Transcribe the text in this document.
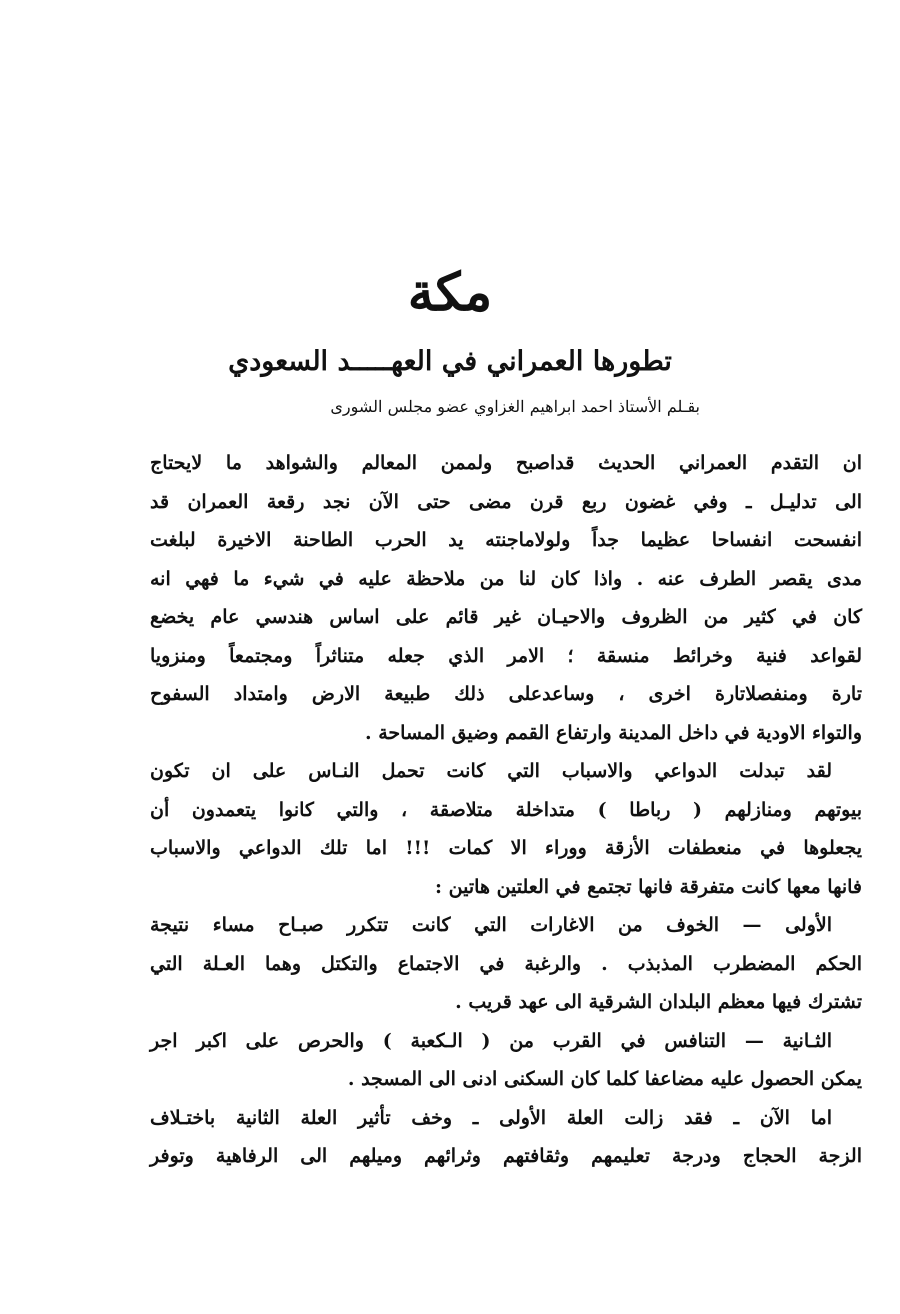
مكة
تطورها العمراني في العهـــــد السعودي
بقـلم الأستاذ احمد ابراهيم الغزاوي عضو مجلس الشورى
ان التقدم العمراني الحديث قداصبح ولممن المعالم والشواهد ما لايحتاج
الى تدليـل ـ وفي غضون ربع قرن مضى حتى الآن نجد رقعة العمران قد
انفسحت انفساحا عظيما جداً ولولاماجنته يد الحرب الطاحنة الاخيرة لبلغت
مدى يقصر الطرف عنه . واذا كان لنا من ملاحظة عليه في شيء ما فهي انه
كان في كثير من الظروف والاحيـان غير قائم على اساس هندسي عام يخضع
لقواعد فنية وخرائط منسقة ؛ الامر الذي جعله متناثراً ومجتمعاً ومنزويا
تارة ومنفصلاتارة اخرى ، وساعدعلى ذلك طبيعة الارض وامتداد السفوح
والتواء الاودية في داخل المدينة وارتفاع القمم وضيق المساحة .
لقد تبدلت الدواعي والاسباب التي كانت تحمل النـاس على ان تكون
بيوتهم ومنازلهم ( رباطا ) متداخلة متلاصقة ، والتي كانوا يتعمدون أن
يجعلوها في منعطفات الأزقة ووراء الا كمات !!! اما تلك الدواعي والاسباب
فانها معها كانت متفرقة فانها تجتمع في العلتين هاتين :
الأولى — الخوف من الاغارات التي كانت تتكرر صبـاح مساء نتيجة
الحكم المضطرب المذبذب . والرغبة في الاجتماع والتكتل وهما العـلة التي
تشترك فيها معظم البلدان الشرقية الى عهد قريب .
الثـانية — التنافس في القرب من ( الـكعبة ) والحرص على اكبر اجر
يمكن الحصول عليه مضاعفا كلما كان السكنى ادنى الى المسجد .
اما الآن ـ فقد زالت العلة الأولى ـ وخف تأثير العلة الثانية باختـلاف
الزجة الحجاج ودرجة تعليمهم وثقافتهم وثرائهم وميلهم الى الرفاهية وتوفر
